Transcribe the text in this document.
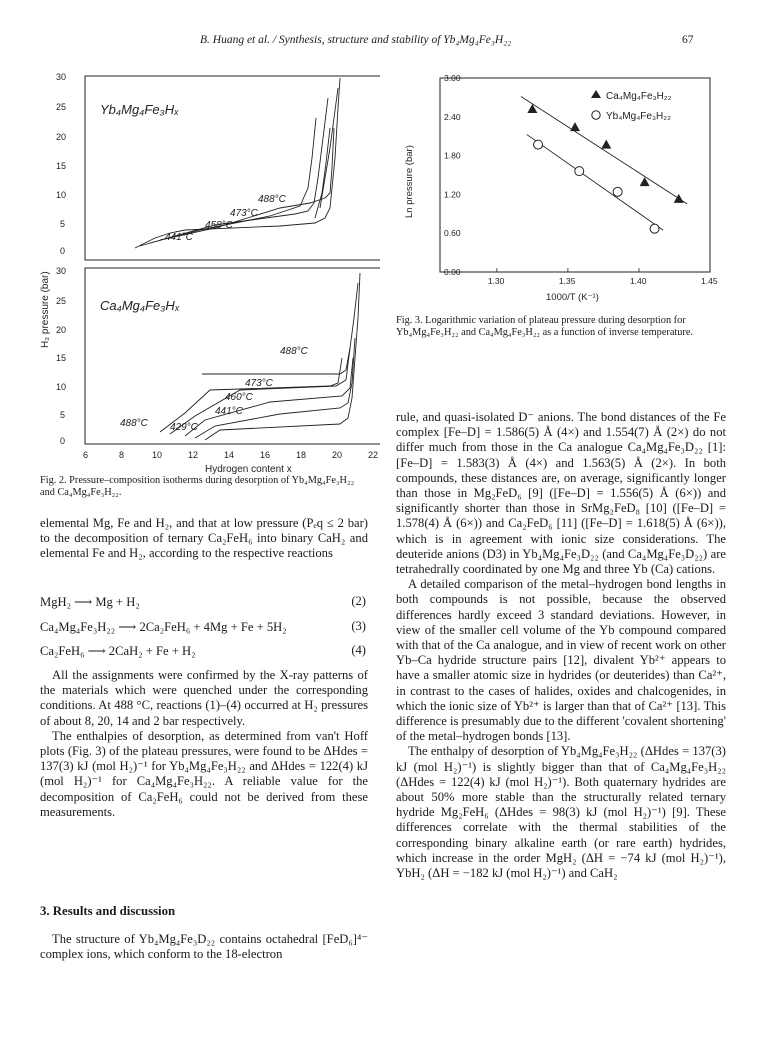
B. Huang et al. / Synthesis, structure and stability of Yb₄Mg₄Fe₃H₂₂	67
30
25
20
15
10
5
0
30
25
20
15
10
5
0
H₂ pressure (bar)
Yb₄Mg₄Fe₃Hₓ
Ca₄Mg₄Fe₃Hₓ
488°C
473°C
458°C
441°C
488°C
473°C
460°C
441°C
488°C 429°C
6	8	10	12	14	16	18	20	22
Hydrogen content x
Fig. 2. Pressure–composition isotherms during desorption of Yb₄Mg₄Fe₃H₂₂ and Ca₄Mg₄Fe₃H₂₂.
3.00
2.40
1.80
1.20
0.60
0.00
1.30	1.35	1.40	1.45
Ln pressure (bar)
1000/T (K⁻¹)
Ca₄Mg₄Fe₃H₂₂
Yb₄Mg₄Fe₃H₂₂
Fig. 3. Logarithmic variation of plateau pressure during desorption for Yb₄Mg₄Fe₃H₂₂ and Ca₄Mg₄Fe₃H₂₂ as a function of inverse temperature.

elemental Mg, Fe and H₂, and that at low pressure (Pₑq ≤ 2 bar) to the decomposition of ternary Ca₂FeH₆ into binary CaH₂ and elemental Fe and H₂, according to the respective reactions

MgH₂ ⟶ Mg + H₂	(2)
Ca₄Mg₄Fe₃H₂₂ ⟶ 2Ca₂FeH₆ + 4Mg + Fe + 5H₂	(3)
Ca₂FeH₆ ⟶ 2CaH₂ + Fe + H₂	(4)

All the assignments were confirmed by the X-ray patterns of the materials which were quenched under the corresponding conditions. At 488 °C, reactions (1)–(4) occurred at H₂ pressures of about 8, 20, 14 and 2 bar respectively.

The enthalpies of desorption, as determined from van't Hoff plots (Fig. 3) of the plateau pressures, were found to be ΔHdes = 137(3) kJ (mol H₂)⁻¹ for Yb₄Mg₄Fe₃H₂₂ and ΔHdes = 122(4) kJ (mol H₂)⁻¹ for Ca₄Mg₄Fe₃H₂₂. A reliable value for the decomposition of Ca₂FeH₆ could not be derived from these measurements.

3. Results and discussion

The structure of Yb₄Mg₄Fe₃D₂₂ contains octahedral [FeD₆]⁴⁻ complex ions, which conform to the 18-electron

rule, and quasi-isolated D⁻ anions. The bond distances of the Fe complex [Fe–D] = 1.586(5) Å (4×) and 1.554(7) Å (2×) do not differ much from those in the Ca analogue Ca₄Mg₄Fe₃D₂₂ [1]: [Fe–D] = 1.583(3) Å (4×) and 1.563(5) Å (2×). In both compounds, these distances are, on average, significantly longer than those in Mg₂FeD₆ [9] ([Fe–D] = 1.556(5) Å (6×)) and significantly shorter than those in SrMg₂FeD₈ [10] ([Fe–D] = 1.578(4) Å (6×)) and Ca₂FeD₆ [11] ([Fe–D] = 1.618(5) Å (6×)), which is in agreement with ionic size considerations. The deuteride anions (D3) in Yb₄Mg₄Fe₃D₂₂ (and Ca₄Mg₄Fe₃D₂₂) are tetrahedrally coordinated by one Mg and three Yb (Ca) cations.

A detailed comparison of the metal–hydrogen bond lengths in both compounds is not possible, because the observed differences hardly exceed 3 standard deviations. However, in view of the smaller cell volume of the Yb compound compared with that of the Ca analogue, and in view of recent work on other Yb–Ca hydride structure pairs [12], divalent Yb²⁺ appears to have a smaller atomic size in hydrides (or deuterides) than Ca²⁺, in contrast to the cases of halides, oxides and chalcogenides, in which the ionic size of Yb²⁺ is larger than that of Ca²⁺ [13]. This difference is presumably due to the different 'covalent shortening' of the metal–hydrogen bonds [13].

The enthalpy of desorption of Yb₄Mg₄Fe₃H₂₂ (ΔHdes = 137(3) kJ (mol H₂)⁻¹) is slightly bigger than that of Ca₄Mg₄Fe₃H₂₂ (ΔHdes = 122(4) kJ (mol H₂)⁻¹). Both quaternary hydrides are about 50% more stable than the structurally related ternary hydride Mg₂FeH₆ (ΔHdes = 98(3) kJ (mol H₂)⁻¹) [9]. These differences correlate with the thermal stabilities of the corresponding binary alkaline earth (or rare earth) hydrides, which increase in the order MgH₂ (ΔH = −74 kJ (mol H₂)⁻¹), YbH₂ (ΔH = −182 kJ (mol H₂)⁻¹) and CaH₂
